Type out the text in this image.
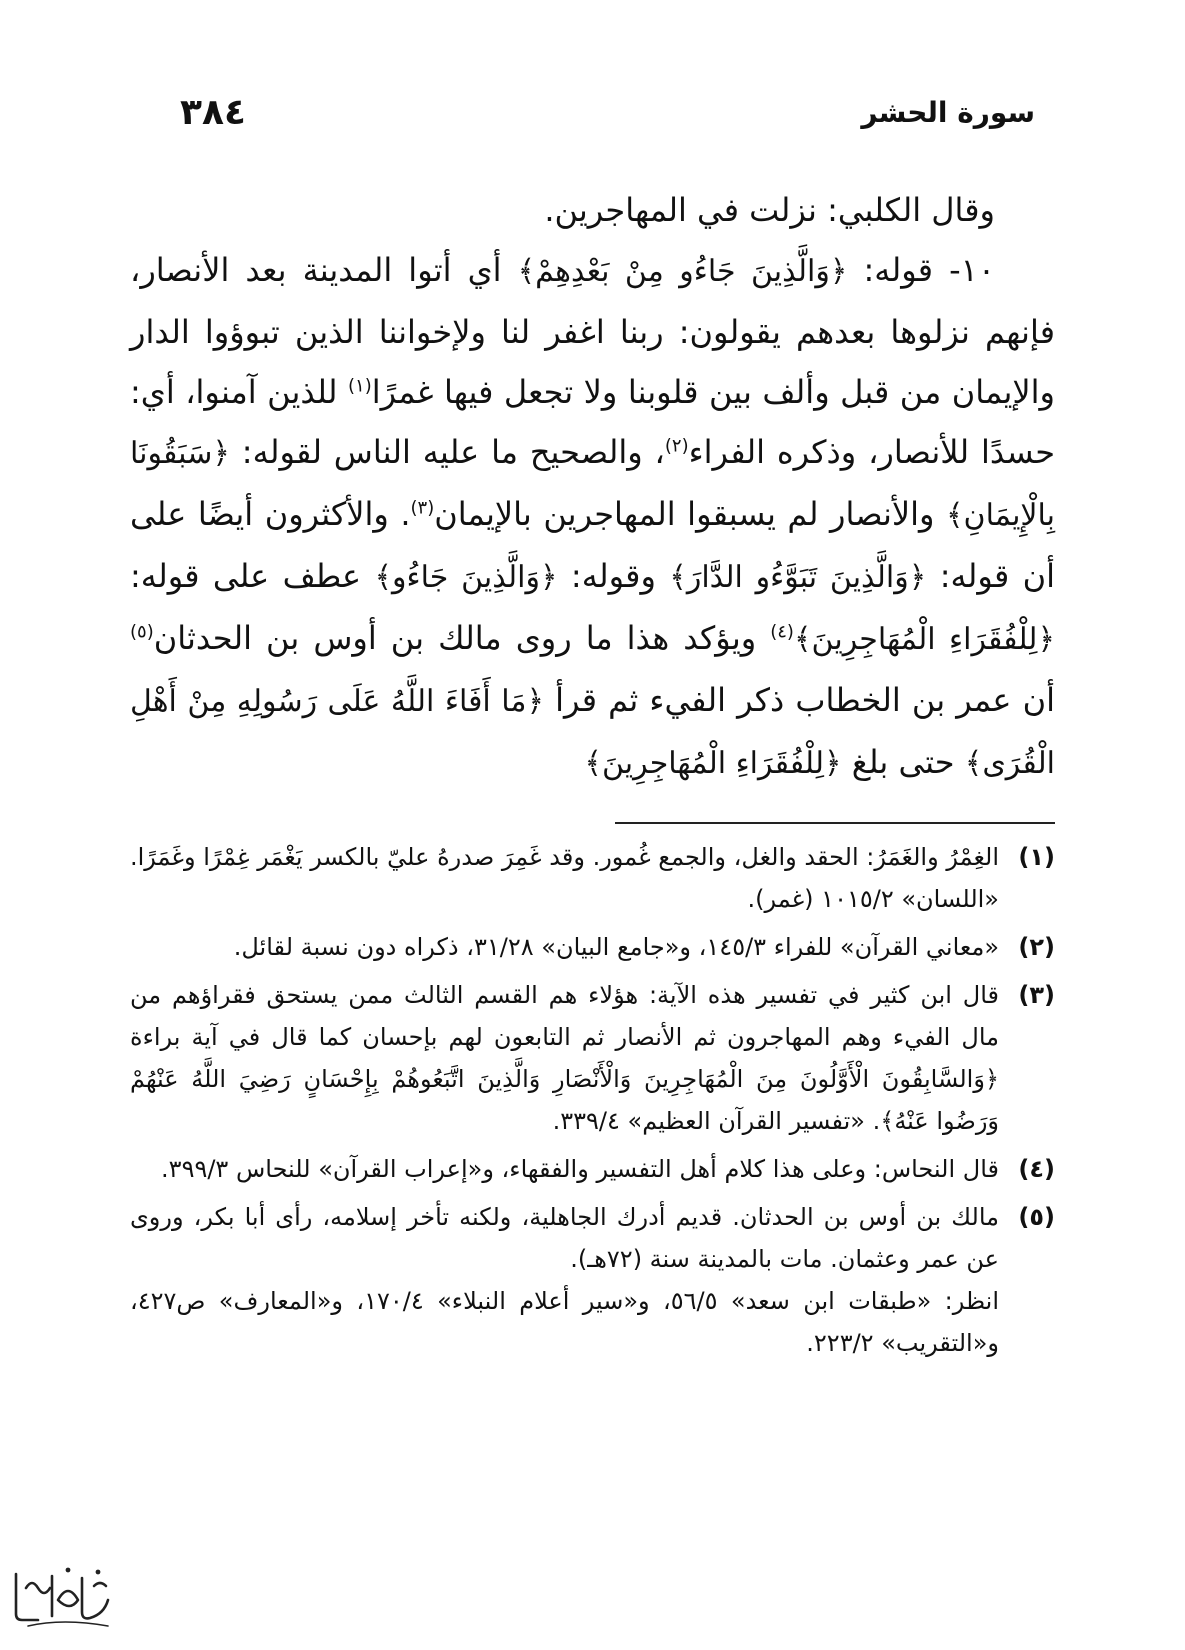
٣٨٤	سورة الحشر

وقال الكلبي: نزلت في المهاجرين.

١٠- قوله: ﴿ وَالَّذِينَ جَاءُو مِنْ بَعْدِهِمْ ﴾ أي أتوا المدينة بعد الأنصار، فإنهم نزلوها بعدهم يقولون: ربنا اغفر لنا ولإخواننا الذين تبوؤوا الدار والإيمان من قبل وألف بين قلوبنا ولا تجعل فيها غمرًا$^{(١)}$ للذين آمنوا، أي: حسدًا للأنصار، وذكره الفراء$^{(٢)}$، والصحيح ما عليه الناس لقوله: ﴿ سَبَقُونَا بِالْإِيمَانِ ﴾ والأنصار لم يسبقوا المهاجرين بالإيمان$^{(٣)}$. والأكثرون أيضًا على أن قوله: ﴿ وَالَّذِينَ تَبَوَّءُو الدَّارَ ﴾ وقوله: ﴿ وَالَّذِينَ جَاءُو ﴾ عطف على قوله: ﴿ لِلْفُقَرَاءِ الْمُهَاجِرِينَ ﴾$^{(٤)}$ ويؤكد هذا ما روى مالك بن أوس بن الحدثان$^{(٥)}$ أن عمر بن الخطاب ذكر الفيء ثم قرأ ﴿ مَا أَفَاءَ اللَّهُ عَلَى رَسُولِهِ مِنْ أَهْلِ الْقُرَى ﴾ حتى بلغ ﴿ لِلْفُقَرَاءِ الْمُهَاجِرِينَ ﴾

(١)

الغِمْرُ والغَمَرُ: الحقد والغل، والجمع غُمور. وقد غَمِرَ صدرهُ عليّ بالكسر يَغْمَر غِمْرًا وغَمَرًا. «اللسان» ١٠١٥/٢ (غمر).

(٢)

«معاني القرآن» للفراء ١٤٥/٣، و«جامع البيان» ٣١/٢٨، ذكراه دون نسبة لقائل.

(٣)

قال ابن كثير في تفسير هذه الآية: هؤلاء هم القسم الثالث ممن يستحق فقراؤهم من مال الفيء وهم المهاجرون ثم الأنصار ثم التابعون لهم بإحسان كما قال في آية براءة ﴿وَالسَّابِقُونَ الْأَوَّلُونَ مِنَ الْمُهَاجِرِينَ وَالْأَنْصَارِ وَالَّذِينَ اتَّبَعُوهُمْ بِإِحْسَانٍ رَضِيَ اللَّهُ عَنْهُمْ وَرَضُوا عَنْهُ﴾. «تفسير القرآن العظيم» ٣٣٩/٤.

(٤)

قال النحاس: وعلى هذا كلام أهل التفسير والفقهاء، و«إعراب القرآن» للنحاس ٣٩٩/٣.

(٥)

مالك بن أوس بن الحدثان. قديم أدرك الجاهلية، ولكنه تأخر إسلامه، رأى أبا بكر، وروى عن عمر وعثمان. مات بالمدينة سنة (٧٢هـ).

انظر: «طبقات ابن سعد» ٥٦/٥، و«سير أعلام النبلاء» ١٧٠/٤، و«المعارف» ص٤٢٧، و«التقريب» ٢٢٣/٢.
